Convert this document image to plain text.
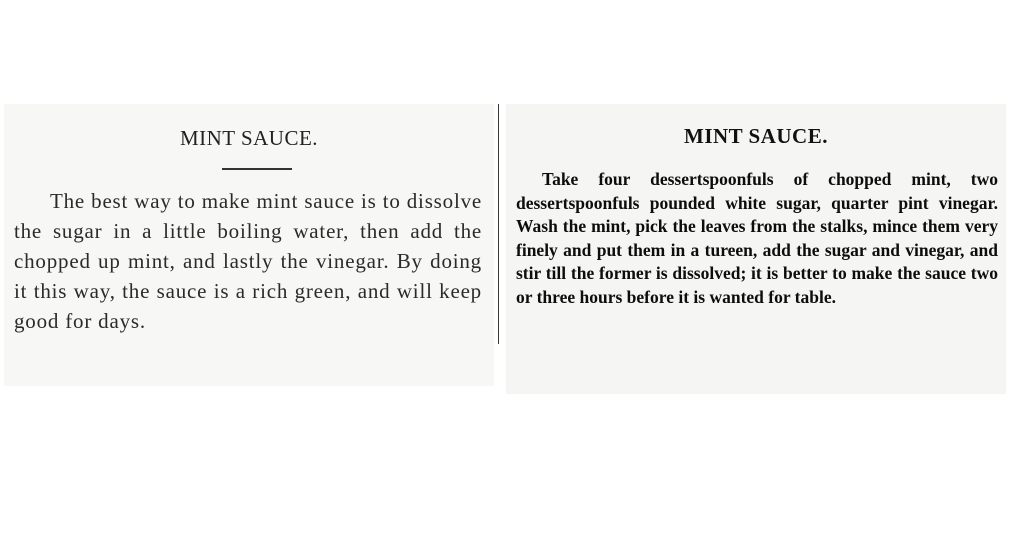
MINT SAUCE.

The best way to make mint sauce is to dissolve the sugar in a little boiling water, then add the chopped up mint, and lastly the vinegar. By doing it this way, the sauce is a rich green, and will keep good for days.

MINT SAUCE.

Take four dessertspoonfuls of chopped mint, two dessertspoonfuls pounded white sugar, quarter pint vinegar. Wash the mint, pick the leaves from the stalks, mince them very finely and put them in a tureen, add the sugar and vinegar, and stir till the former is dissolved; it is better to make the sauce two or three hours before it is wanted for table.
